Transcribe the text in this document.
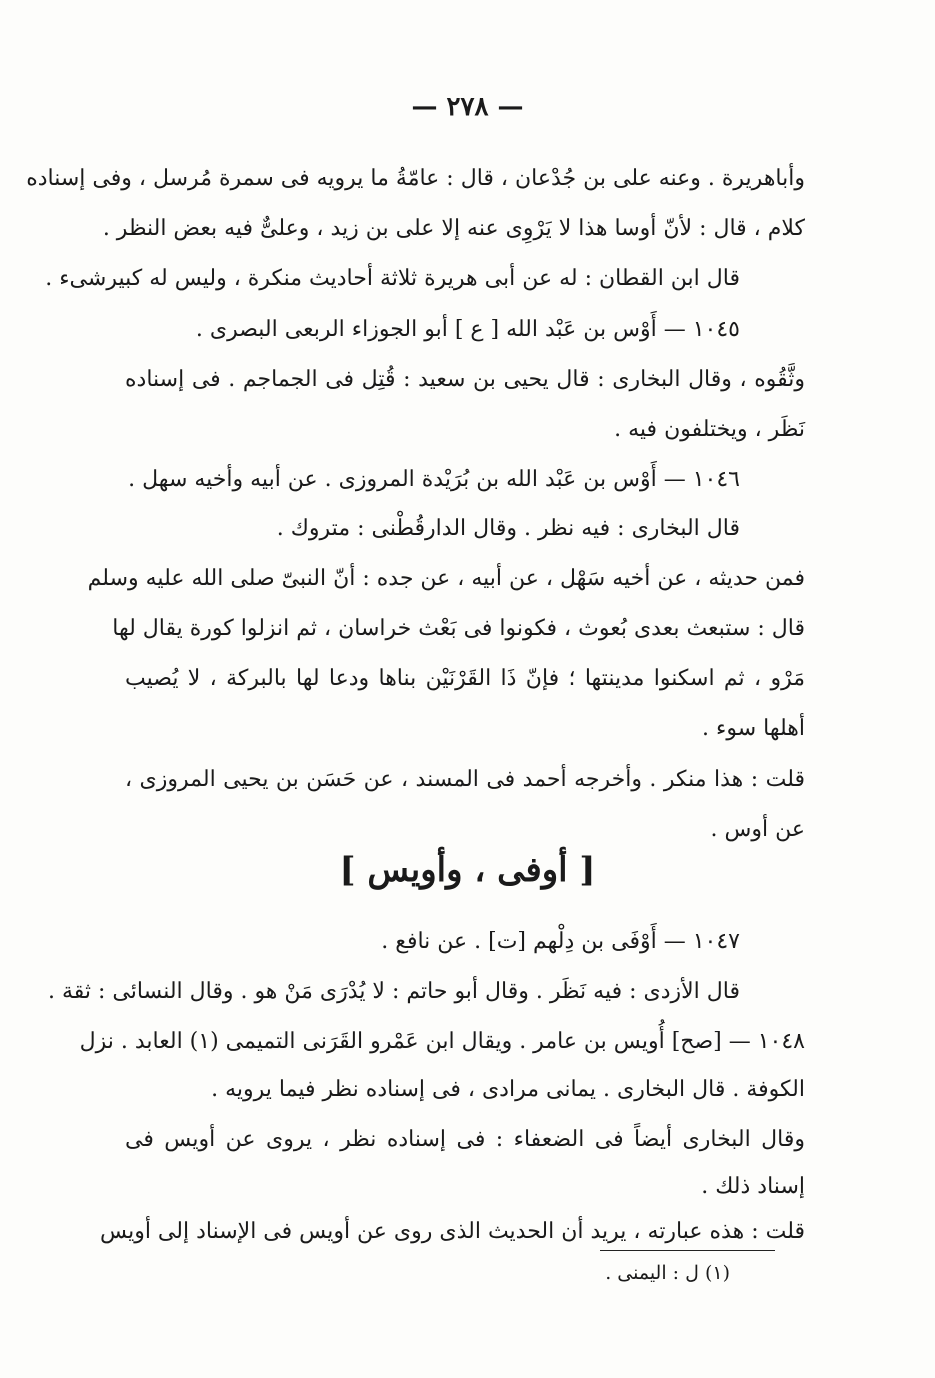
— ٢٧٨ —
وأباهريرة . وعنه على بن جُدْعان ، قال : عامّةُ ما يرويه فى سمرة مُرسل ، وفى إسناده
كلام ، قال : لأنّ أوسا هذا لا يَرْوِى عنه إلا على بن زيد ، وعلىٌّ فيه بعض النظر .
قال ابن القطان : له عن أبى هريرة ثلاثة أحاديث منكرة ، وليس له كبيرشىء .
١٠٤٥ — أَوْس بن عَبْد الله [ ع ] أبو الجوزاء الربعى البصرى .
وثَّقُوه ، وقال البخارى : قال يحيى بن سعيد : قُتِل فى الجماجم . فى إسناده
نَظَر ، ويختلفون فيه .
١٠٤٦ — أَوْس بن عَبْد الله بن بُرَيْدة المروزى . عن أبيه وأخيه سهل .
قال البخارى : فيه نظر . وقال الدارقُطْنى : متروك .
فمن حديثه ، عن أخيه سَهْل ، عن أبيه ، عن جده : أنّ النبىّ صلى الله عليه وسلم
قال : ستبعث بعدى بُعوث ، فكونوا فى بَعْث خراسان ، ثم انزلوا كورة يقال لها
مَرْو ، ثم اسكنوا مدينتها ؛ فإنّ ذَا القَرْنَيْن بناها ودعا لها بالبركة ، لا يُصيب
أهلها سوء .
قلت : هذا منكر . وأخرجه أحمد فى المسند ، عن حَسَن بن يحيى المروزى ،
عن أوس .
[ أوفى ، وأويس ]
١٠٤٧ — أَوْفَى بن دِلْهم [ت] . عن نافع .
قال الأزدى : فيه نَظَر . وقال أبو حاتم : لا يُدْرَى مَنْ هو . وقال النسائى : ثقة .
١٠٤٨ — [صح] أُويس بن عامر . ويقال ابن عَمْرو القَرَنى التميمى (١) العابد . نزل
الكوفة . قال البخارى . يمانى مرادى ، فى إسناده نظر فيما يرويه .
وقال البخارى أيضاً فى الضعفاء : فى إسناده نظر ، يروى عن أويس فى
إسناد ذلك .
قلت : هذه عبارته ، يريد أن الحديث الذى روى عن أويس فى الإسناد إلى أويس
(١) ل : اليمنى .
